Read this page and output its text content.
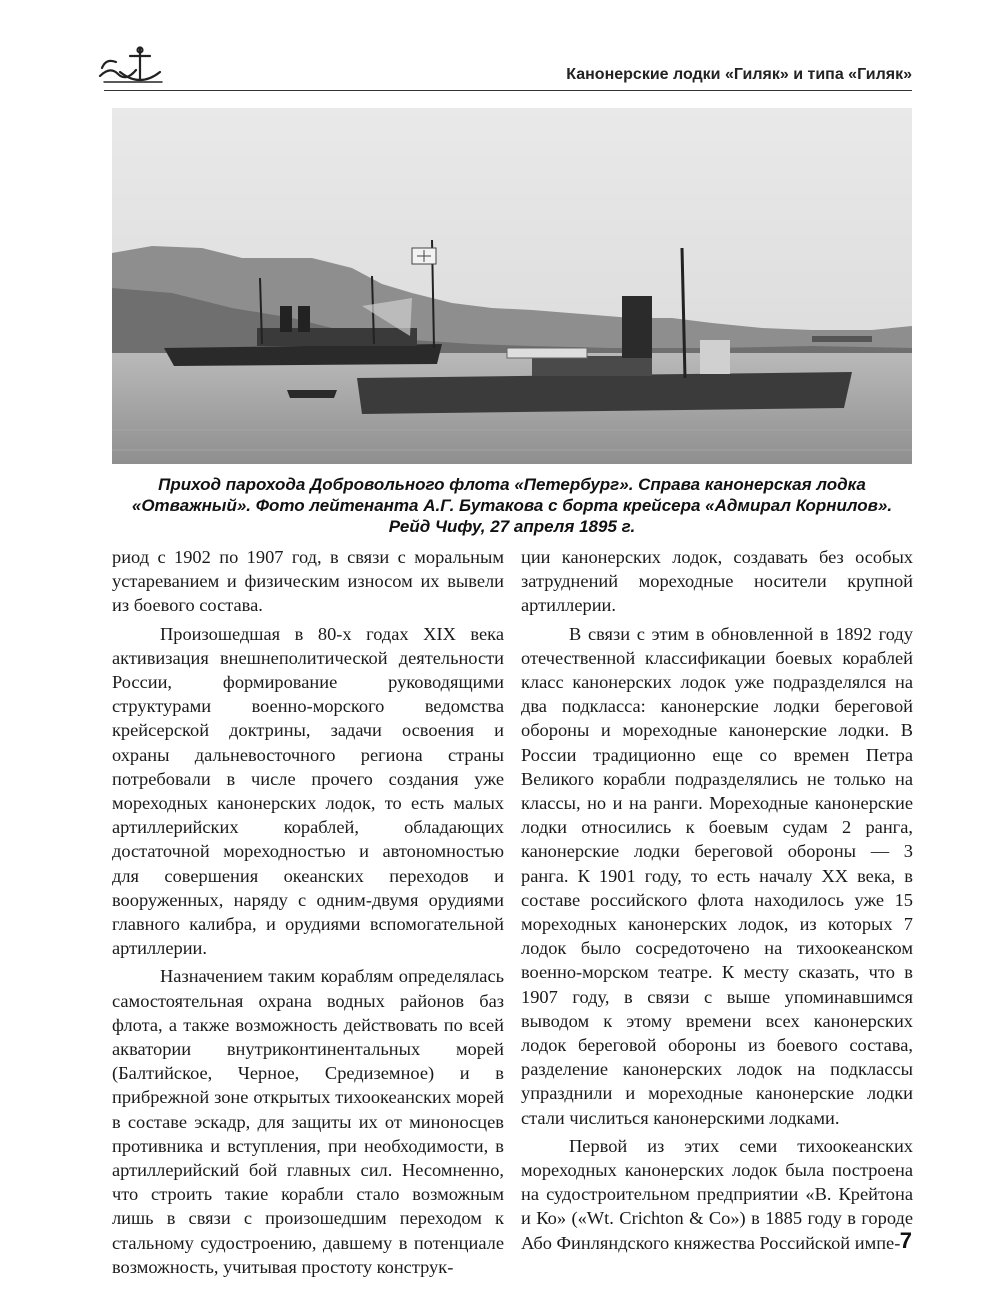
Канонерские лодки «Гиляк» и типа «Гиляк»
Приход парохода Добровольного флота «Петербург». Справа канонерская лодка
«Отважный». Фото лейтенанта А.Г. Бутакова с борта крейсера «Адмирал Корнилов».
Рейд Чифу, 27 апреля 1895 г.

риод с 1902 по 1907 год, в связи с моральным устареванием и физическим износом их вывели из боевого состава.

Произошедшая в 80-х годах XIX века активизация внешнеполитической деятельности России, формирование руководящими структурами военно-морского ведомства крейсерской доктрины, задачи освоения и охраны дальневосточного региона страны потребовали в числе прочего создания уже мореходных канонерских лодок, то есть малых артиллерийских кораблей, обладающих достаточной мореходностью и автономностью для совершения океанских переходов и вооруженных, наряду с одним-двумя орудиями главного калибра, и орудиями вспомогательной артиллерии.

Назначением таким кораблям определялась самостоятельная охрана водных районов баз флота, а также возможность действовать по всей акватории внутриконтинентальных морей (Балтийское, Черное, Средиземное) и в прибрежной зоне открытых тихоокеанских морей в составе эскадр, для защиты их от миноносцев противника и вступления, при необходимости, в артиллерийский бой главных сил. Несомненно, что строить такие корабли стало возможным лишь в связи с произошедшим переходом к стальному судостроению, давшему в потенциале возможность, учитывая простоту конструк-

ции канонерских лодок, создавать без особых затруднений мореходные носители крупной артиллерии.

В связи с этим в обновленной в 1892 году отечественной классификации боевых кораблей класс канонерских лодок уже подразделялся на два подкласса: канонерские лодки береговой обороны и мореходные канонерские лодки. В России традиционно еще со времен Петра Великого корабли подразделялись не только на классы, но и на ранги. Мореходные канонерские лодки относились к боевым судам 2 ранга, канонерские лодки береговой обороны — 3 ранга. К 1901 году, то есть началу XX века, в составе российского флота находилось уже 15 мореходных канонерских лодок, из которых 7 лодок было сосредоточено на тихоокеанском военно-морском театре. К месту сказать, что в 1907 году, в связи с выше упоминавшимся выводом к этому времени всех канонерских лодок береговой обороны из боевого состава, разделение канонерских лодок на подклассы упразднили и мореходные канонерские лодки стали числиться канонерскими лодками.

Первой из этих семи тихоокеанских мореходных канонерских лодок была построена на судостроительном предприятии «В. Крейтона и Ко» («Wt. Crichton & Co») в 1885 году в городе Або Финляндского княжества Российской импе- 7
